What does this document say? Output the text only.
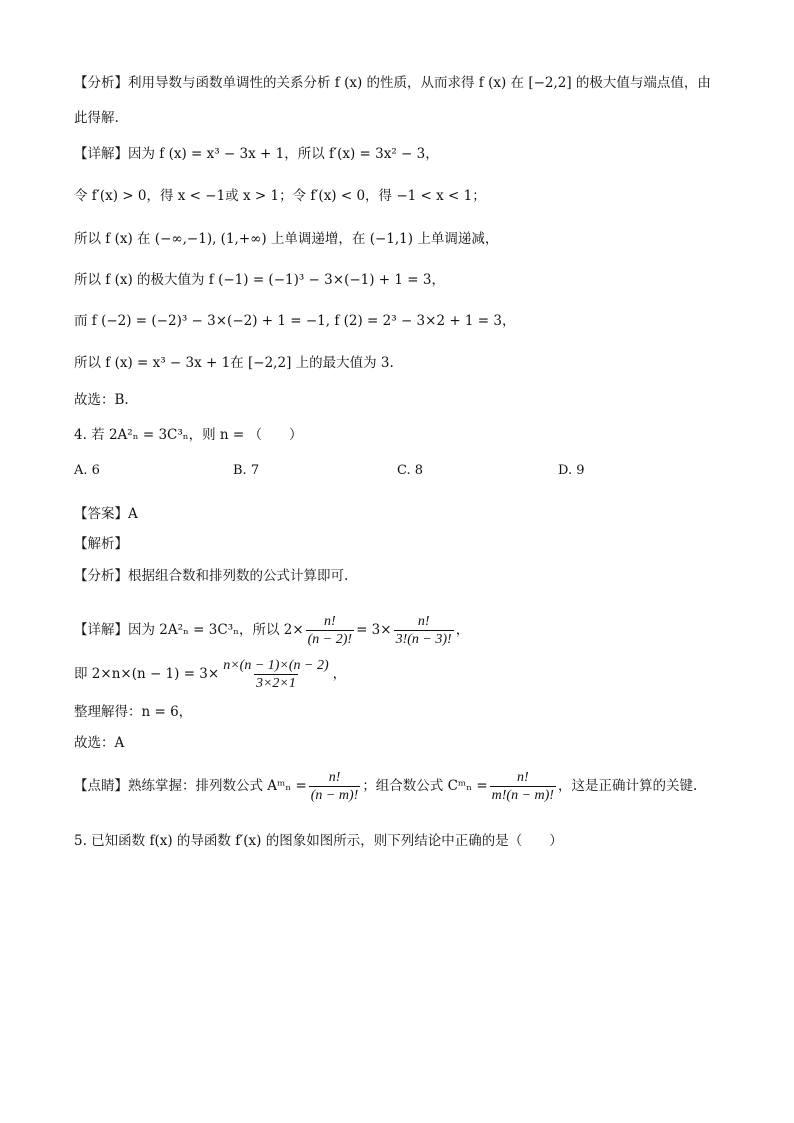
【分析】利用导数与函数单调性的关系分析 f (x) 的性质，从而求得 f (x) 在 [−2,2] 的极大值与端点值，由
此得解.
【详解】因为 f (x) = x³ − 3x + 1，所以 f′(x) = 3x² − 3，
令 f′(x) > 0，得 x < −1或 x > 1；令 f′(x) < 0，得 −1 < x < 1；
所以 f (x) 在 (−∞,−1), (1,+∞) 上单调递增，在 (−1,1) 上单调递减，
所以 f (x) 的极大值为 f (−1) = (−1)³ − 3×(−1) + 1 = 3，
而 f (−2) = (−2)³ − 3×(−2) + 1 = −1, f (2) = 2³ − 3×2 + 1 = 3，
所以 f (x) = x³ − 3x + 1在 [−2,2] 上的最大值为 3.
故选：B.
4. 若 2A²ₙ = 3C³ₙ，则 n = （　　）
A. 6	B. 7	C. 8	D. 9
【答案】A
【解析】
【分析】根据组合数和排列数的公式计算即可.
【详解】因为 2A²ₙ = 3C³ₙ，所以 $2\times \frac{n!}{(n - 2)!} = 3\times \frac{n!}{3!(n - 3)!}$ ，
即 $2\times n\times(n - 1) = 3\times \frac{n\times(n - 1)\times(n - 2)}{3\times 2\times 1}$ ，
整理解得：n = 6，
故选：A
【点睛】熟练掌握：排列数公式 Aᵐₙ = $\frac{n!}{(n - m)!}$ ；组合数公式 Cᵐₙ = $\frac{n!}{m!(n - m)!}$ ，这是正确计算的关键.
5. 已知函数 f(x) 的导函数 f′(x) 的图象如图所示，则下列结论中正确的是（　　）
